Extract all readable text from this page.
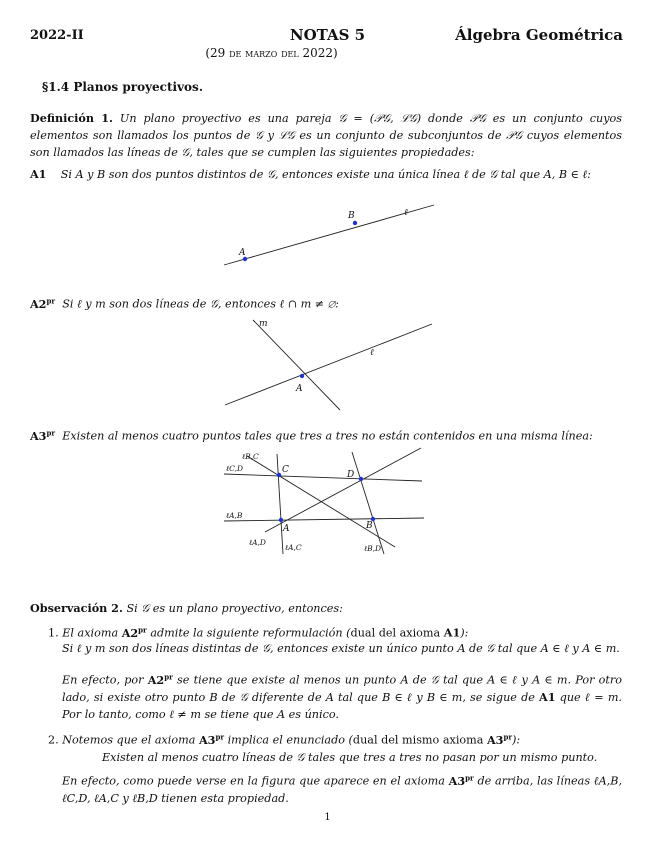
2022-II	NOTAS 5
(29 de marzo del 2022)
Álgebra Geométrica
§1.4 Planos proyectivos.
Definición 1. Un plano proyectivo es una pareja 𝒢 = (𝒫𝒢, ℒ𝒢) donde 𝒫𝒢 es un conjunto cuyos elementos son llamados los puntos de 𝒢 y ℒ𝒢 es un conjunto de subconjuntos de 𝒫𝒢 cuyos elementos son llamados las líneas de 𝒢, tales que se cumplen las siguientes propiedades:
A1 Si A y B son dos puntos distintos de 𝒢, entonces existe una única línea ℓ de 𝒢 tal que A, B ∈ ℓ:
A
B	ℓ
$A2^{pr}$ Si ℓ y m son dos líneas de 𝒢, entonces ℓ ∩ m ≠ ∅:
m
ℓ
A
$A3^{pr}$ Existen al menos cuatro puntos tales que tres a tres no están contenidos en una misma línea:
C	D
A	B
ℓB,C
ℓC,D
ℓA,B
ℓA,D
ℓA,C	ℓB,D
Observación 2. Si 𝒢 es un plano proyectivo, entonces:
1. El axioma $A2^{pr}$ admite la siguiente reformulación (dual del axioma A1):
Si ℓ y m son dos líneas distintas de 𝒢, entonces existe un único punto A de 𝒢 tal que A ∈ ℓ y A ∈ m.
En efecto, por $A2^{pr}$ se tiene que existe al menos un punto A de 𝒢 tal que A ∈ ℓ y A ∈ m. Por otro lado, si existe otro punto B de 𝒢 diferente de A tal que B ∈ ℓ y B ∈ m, se sigue de A1 que ℓ = m. Por lo tanto, como ℓ ≠ m se tiene que A es único.
2. Notemos que el axioma $A3^{pr}$ implica el enunciado (dual del mismo axioma $A3^{pr}$):
Existen al menos cuatro líneas de 𝒢 tales que tres a tres no pasan por un mismo punto.
En efecto, como puede verse en la figura que aparece en el axioma $A3^{pr}$ de arriba, las líneas ℓA,B, ℓC,D, ℓA,C y ℓB,D tienen esta propiedad.
1
